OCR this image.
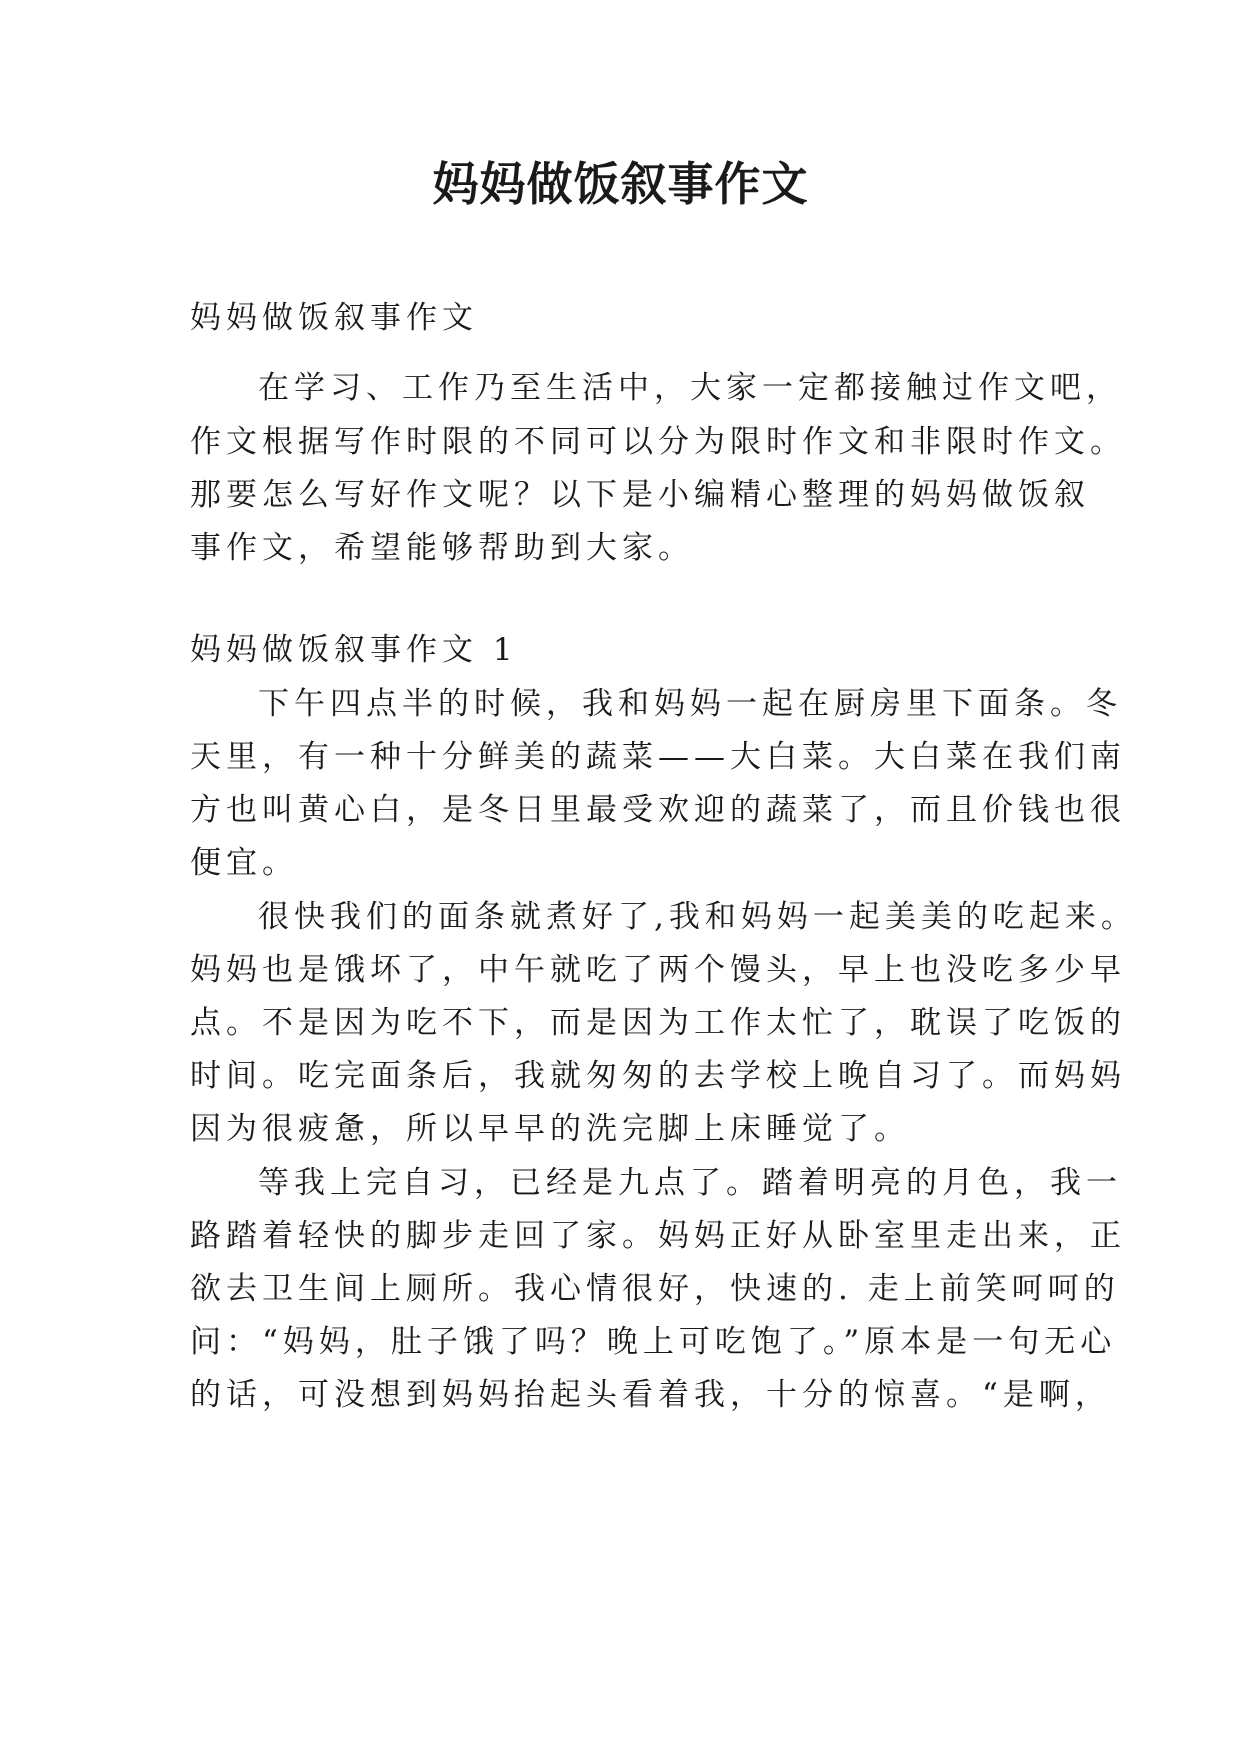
妈妈做饭叙事作文

妈妈做饭叙事作文

在学习、工作乃至生活中，大家一定都接触过作文吧，

作文根据写作时限的不同可以分为限时作文和非限时作文。

那要怎么写好作文呢？以下是小编精心整理的妈妈做饭叙

事作文，希望能够帮助到大家。

妈妈做饭叙事作文 1

下午四点半的时候，我和妈妈一起在厨房里下面条。冬

天里，有一种十分鲜美的蔬菜——大白菜。大白菜在我们南

方也叫黄心白，是冬日里最受欢迎的蔬菜了，而且价钱也很

便宜。

很快我们的面条就煮好了,我和妈妈一起美美的吃起来。

妈妈也是饿坏了，中午就吃了两个馒头，早上也没吃多少早

点。不是因为吃不下，而是因为工作太忙了，耽误了吃饭的

时间。吃完面条后，我就匆匆的去学校上晚自习了。而妈妈

因为很疲惫，所以早早的洗完脚上床睡觉了。

等我上完自习，已经是九点了。踏着明亮的月色，我一

路踏着轻快的脚步走回了家。妈妈正好从卧室里走出来，正

欲去卫生间上厕所。我心情很好，快速的. 走上前笑呵呵的

问：“妈妈，肚子饿了吗？晚上可吃饱了。”原本是一句无心

的话，可没想到妈妈抬起头看着我，十分的惊喜。“是啊，
